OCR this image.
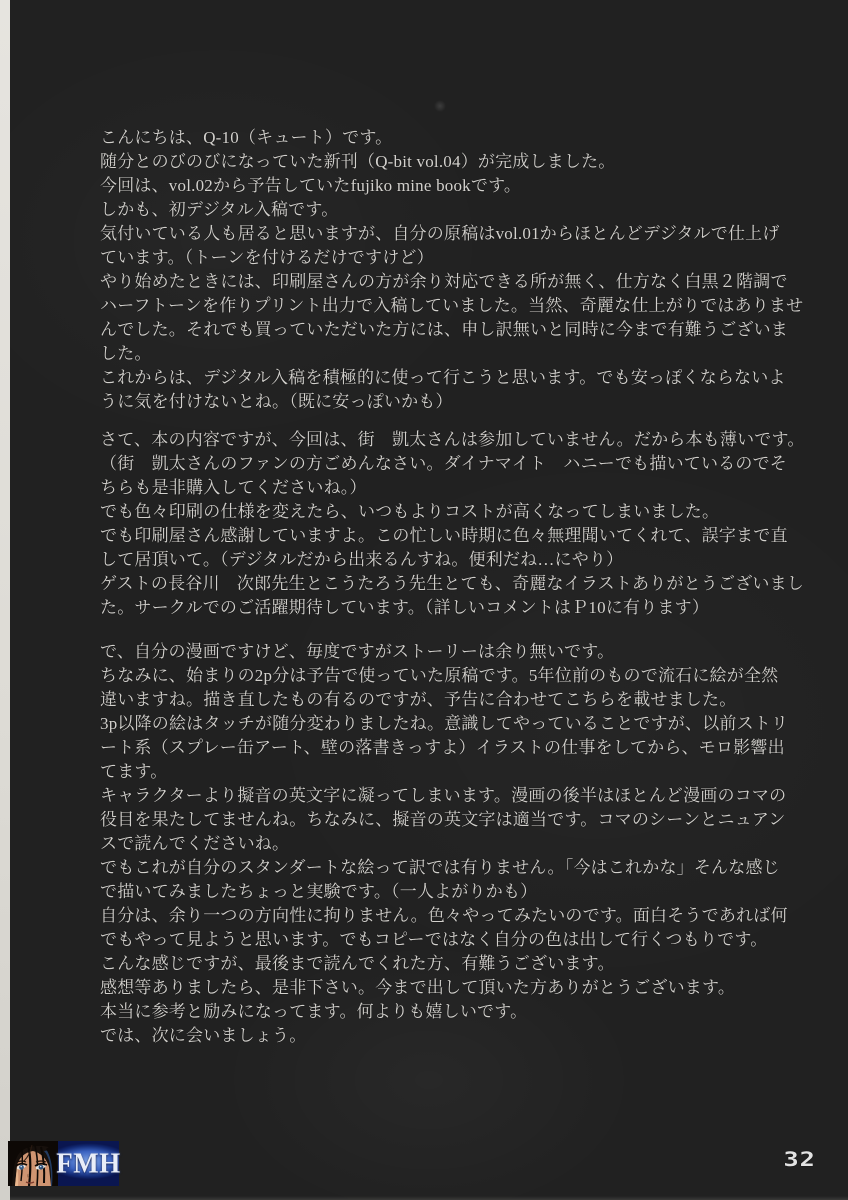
こんにちは、Q-10（キュート）です。
随分とのびのびになっていた新刊（Q-bit vol.04）が完成しました。
今回は、vol.02から予告していたfujiko mine bookです。
しかも、初デジタル入稿です。
気付いている人も居ると思いますが、自分の原稿はvol.01からほとんどデジタルで仕上げ
ています。（トーンを付けるだけですけど）
やり始めたときには、印刷屋さんの方が余り対応できる所が無く、仕方なく白黒２階調で
ハーフトーンを作りプリント出力で入稿していました。当然、奇麗な仕上がりではありませ
んでした。それでも買っていただいた方には、申し訳無いと同時に今まで有難うございま
した。
これからは、デジタル入稿を積極的に使って行こうと思います。でも安っぽくならないよ
うに気を付けないとね。（既に安っぽいかも）
さて、本の内容ですが、今回は、街　凱太さんは参加していません。だから本も薄いです。
（街　凱太さんのファンの方ごめんなさい。ダイナマイト　ハニーでも描いているのでそ
ちらも是非購入してくださいね。）
でも色々印刷の仕様を変えたら、いつもよりコストが高くなってしまいました。
でも印刷屋さん感謝していますよ。この忙しい時期に色々無理聞いてくれて、誤字まで直
して居頂いて。（デジタルだから出来るんすね。便利だね…にやり）
ゲストの長谷川　次郎先生とこうたろう先生とても、奇麗なイラストありがとうございまし
た。サークルでのご活躍期待しています。（詳しいコメントはＰ10に有ります）
で、自分の漫画ですけど、毎度ですがストーリーは余り無いです。
ちなみに、始まりの2p分は予告で使っていた原稿です。5年位前のもので流石に絵が全然
違いますね。描き直したもの有るのですが、予告に合わせてこちらを載せました。
3p以降の絵はタッチが随分変わりましたね。意識してやっていることですが、以前ストリ
ート系（スプレー缶アート、壁の落書きっすよ）イラストの仕事をしてから、モロ影響出
てます。
キャラクターより擬音の英文字に凝ってしまいます。漫画の後半はほとんど漫画のコマの
役目を果たしてませんね。ちなみに、擬音の英文字は適当です。コマのシーンとニュアン
スで読んでくださいね。
でもこれが自分のスタンダートな絵って訳では有りません。「今はこれかな」そんな感じ
で描いてみましたちょっと実験です。（一人よがりかも）
自分は、余り一つの方向性に拘りません。色々やってみたいのです。面白そうであれば何
でもやって見ようと思います。でもコピーではなく自分の色は出して行くつもりです。
こんな感じですが、最後まで読んでくれた方、有難うございます。
感想等ありましたら、是非下さい。今まで出して頂いた方ありがとうございます。
本当に参考と励みになってます。何よりも嬉しいです。
では、次に会いましょう。
FMH	32
